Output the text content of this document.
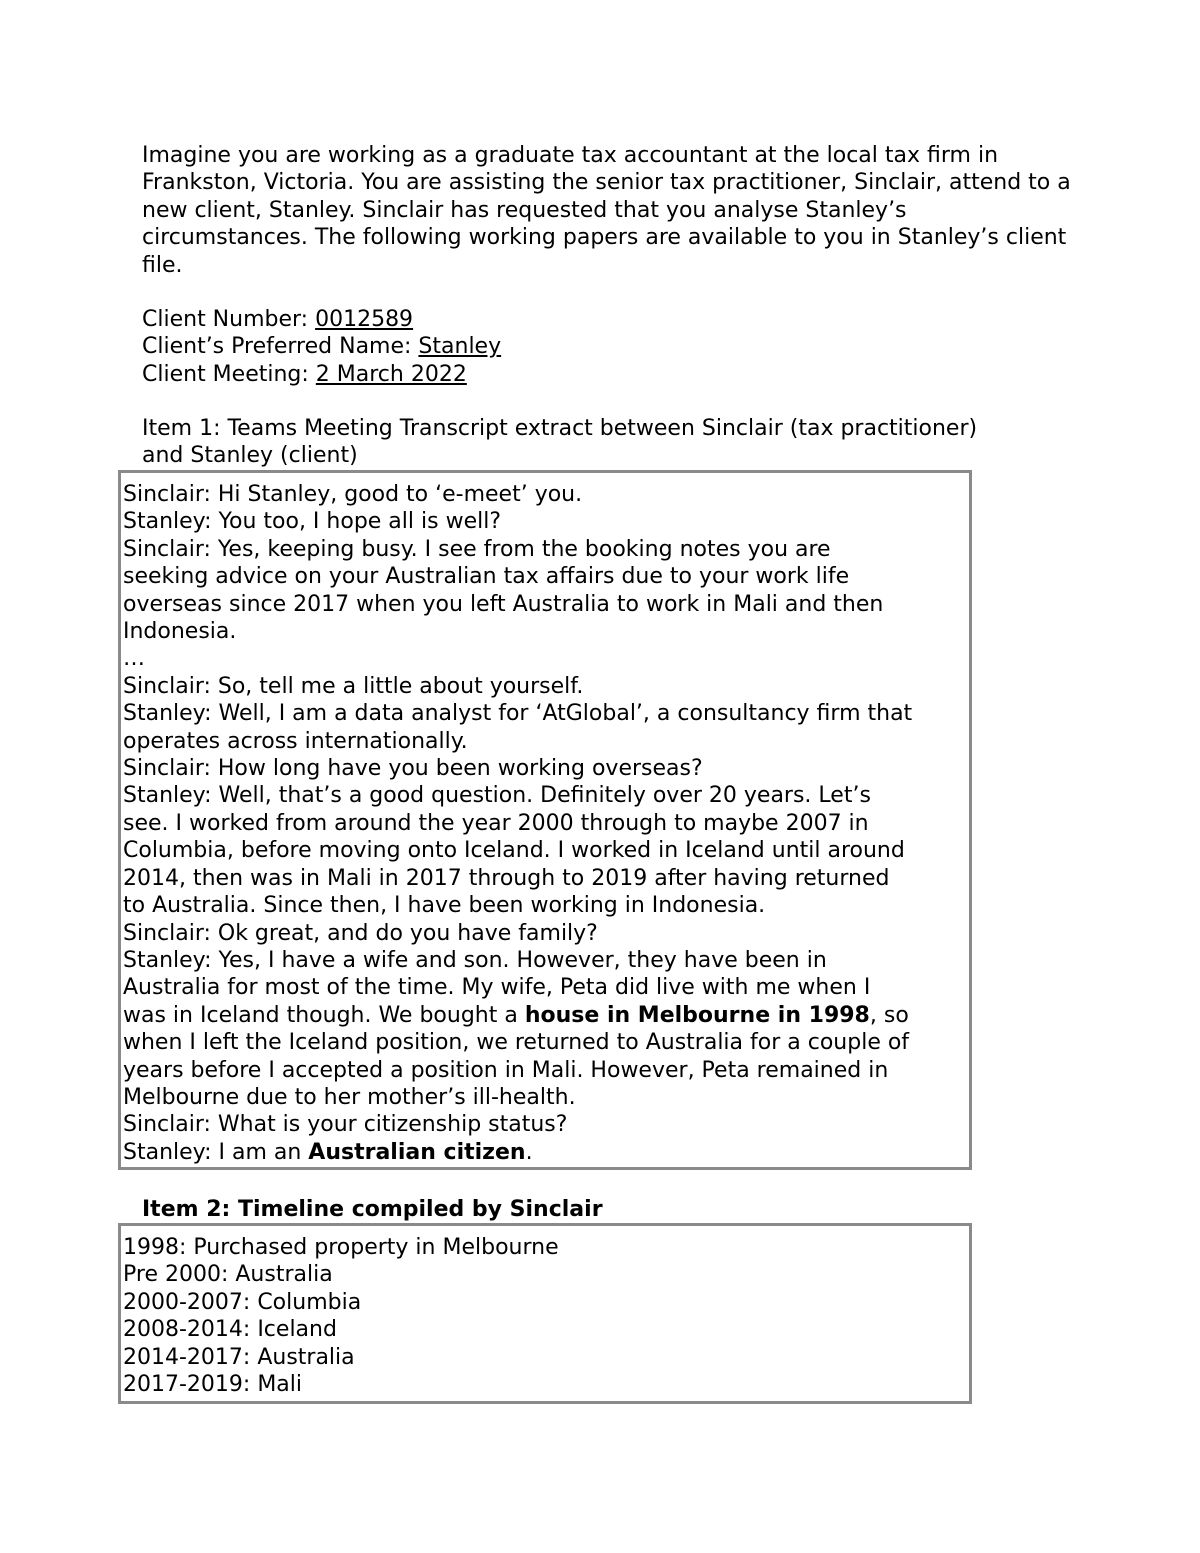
Imagine you are working as a graduate tax accountant at the local tax firm in Frankston, Victoria. You are assisting the senior tax practitioner, Sinclair, attend to a new client, Stanley. Sinclair has requested that you analyse Stanley’s circumstances. The following working papers are available to you in Stanley’s client file.

Client Number: 0012589
Client’s Preferred Name: Stanley
Client Meeting: 2 March 2022
Item 1: Teams Meeting Transcript extract between Sinclair (tax practitioner)
and Stanley (client)
Sinclair: Hi Stanley, good to ‘e-meet’ you.
Stanley: You too, I hope all is well?
Sinclair: Yes, keeping busy. I see from the booking notes you are
seeking advice on your Australian tax affairs due to your work life
overseas since 2017 when you left Australia to work in Mali and then
Indonesia.
…
Sinclair: So, tell me a little about yourself.
Stanley: Well, I am a data analyst for ‘AtGlobal’, a consultancy firm that
operates across internationally.
Sinclair: How long have you been working overseas?
Stanley: Well, that’s a good question. Definitely over 20 years. Let’s
see. I worked from around the year 2000 through to maybe 2007 in
Columbia, before moving onto Iceland. I worked in Iceland until around
2014, then was in Mali in 2017 through to 2019 after having returned
to Australia. Since then, I have been working in Indonesia.
Sinclair: Ok great, and do you have family?
Stanley: Yes, I have a wife and son. However, they have been in
Australia for most of the time. My wife, Peta did live with me when I
was in Iceland though. We bought a house in Melbourne in 1998, so
when I left the Iceland position, we returned to Australia for a couple of
years before I accepted a position in Mali. However, Peta remained in
Melbourne due to her mother’s ill-health.
Sinclair: What is your citizenship status?
Stanley: I am an Australian citizen.
Item 2: Timeline compiled by Sinclair
1998: Purchased property in Melbourne
Pre 2000: Australia
2000-2007: Columbia
2008-2014: Iceland
2014-2017: Australia
2017-2019: Mali
